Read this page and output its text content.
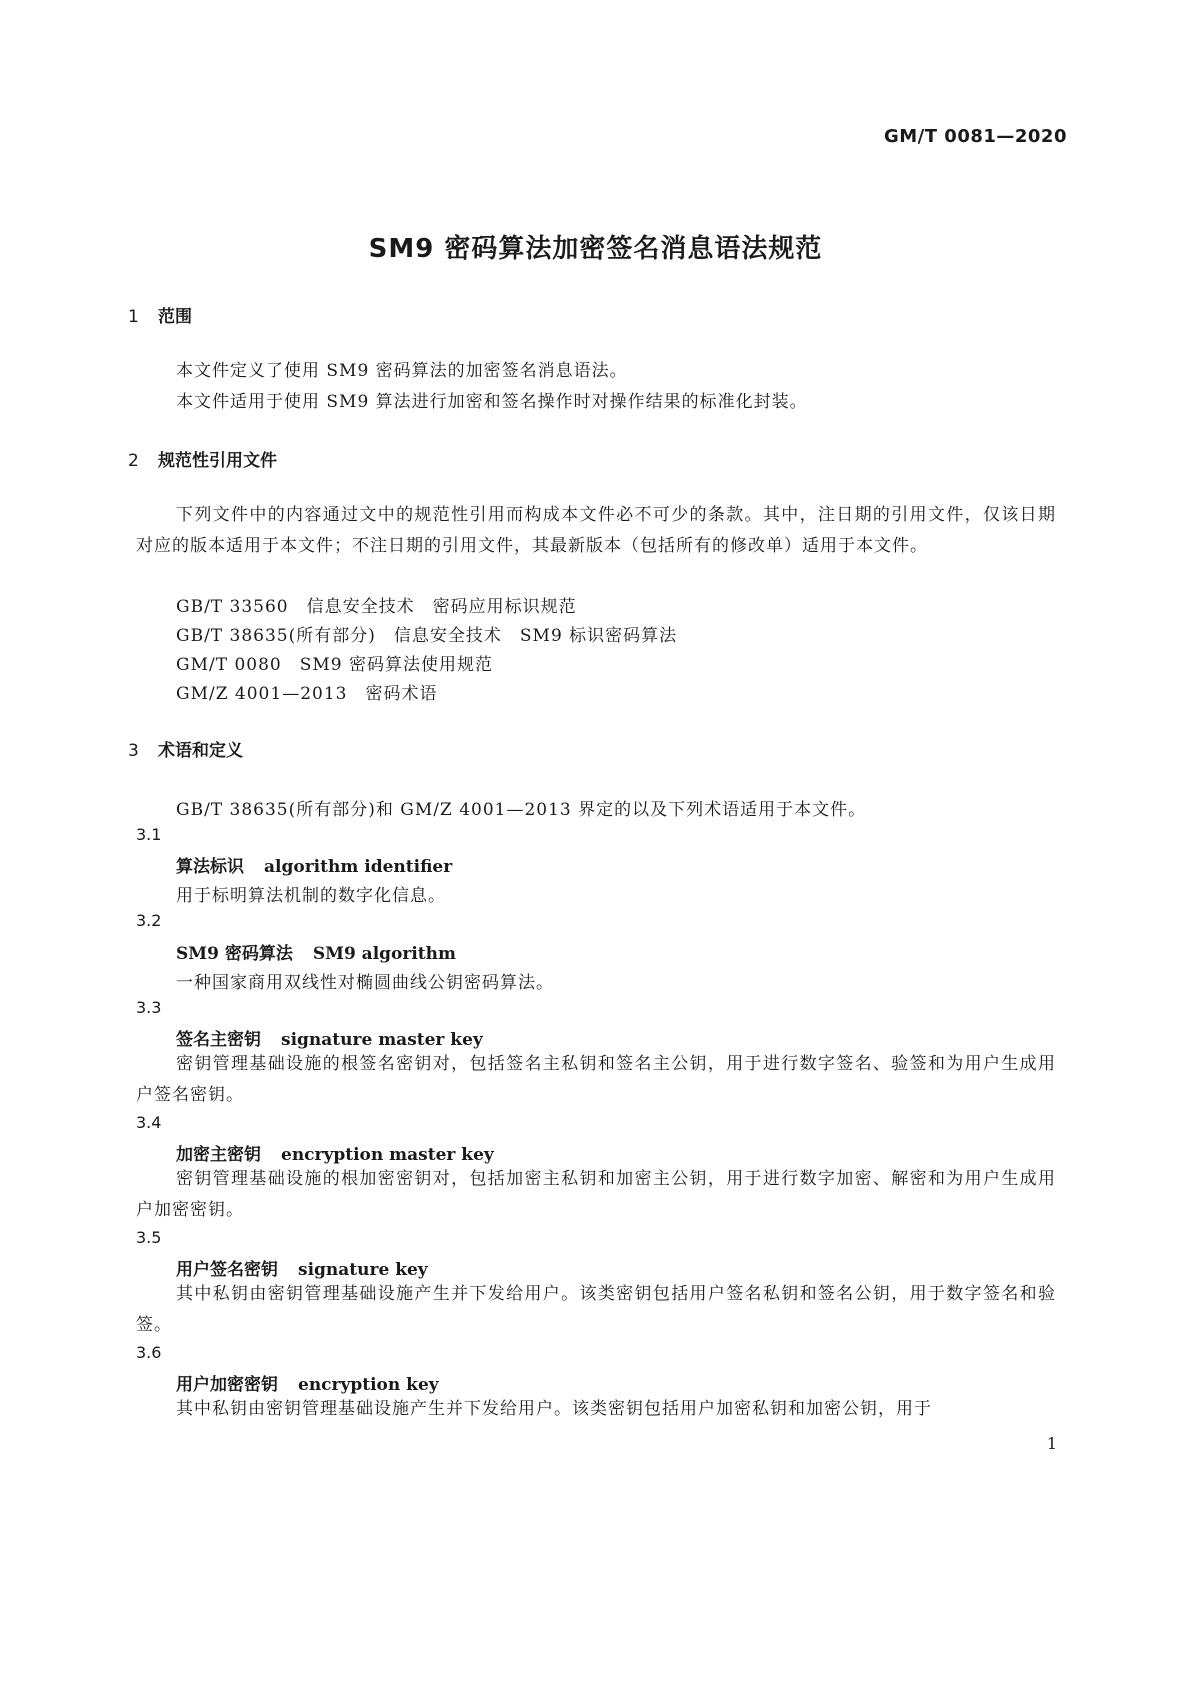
GM/T 0081—2020
SM9 密码算法加密签名消息语法规范
1 范围
本文件定义了使用 SM9 密码算法的加密签名消息语法。
本文件适用于使用 SM9 算法进行加密和签名操作时对操作结果的标准化封装。
2 规范性引用文件
下列文件中的内容通过文中的规范性引用而构成本文件必不可少的条款。其中，注日期的引用文件，仅该日期对应的版本适用于本文件；不注日期的引用文件，其最新版本（包括所有的修改单）适用于本文件。
GB/T 33560　信息安全技术　密码应用标识规范
GB/T 38635(所有部分)　信息安全技术　SM9 标识密码算法
GM/T 0080　SM9 密码算法使用规范
GM/Z 4001—2013　密码术语
3 术语和定义
GB/T 38635(所有部分)和 GM/Z 4001—2013 界定的以及下列术语适用于本文件。
3.1
算法标识 algorithm identifier
用于标明算法机制的数字化信息。
3.2
SM9 密码算法 SM9 algorithm
一种国家商用双线性对椭圆曲线公钥密码算法。
3.3
签名主密钥 signature master key
密钥管理基础设施的根签名密钥对，包括签名主私钥和签名主公钥，用于进行数字签名、验签和为用户生成用户签名密钥。
3.4
加密主密钥 encryption master key
密钥管理基础设施的根加密密钥对，包括加密主私钥和加密主公钥，用于进行数字加密、解密和为用户生成用户加密密钥。
3.5
用户签名密钥 signature key
其中私钥由密钥管理基础设施产生并下发给用户。该类密钥包括用户签名私钥和签名公钥，用于数字签名和验签。
3.6
用户加密密钥 encryption key
其中私钥由密钥管理基础设施产生并下发给用户。该类密钥包括用户加密私钥和加密公钥，用于
1
